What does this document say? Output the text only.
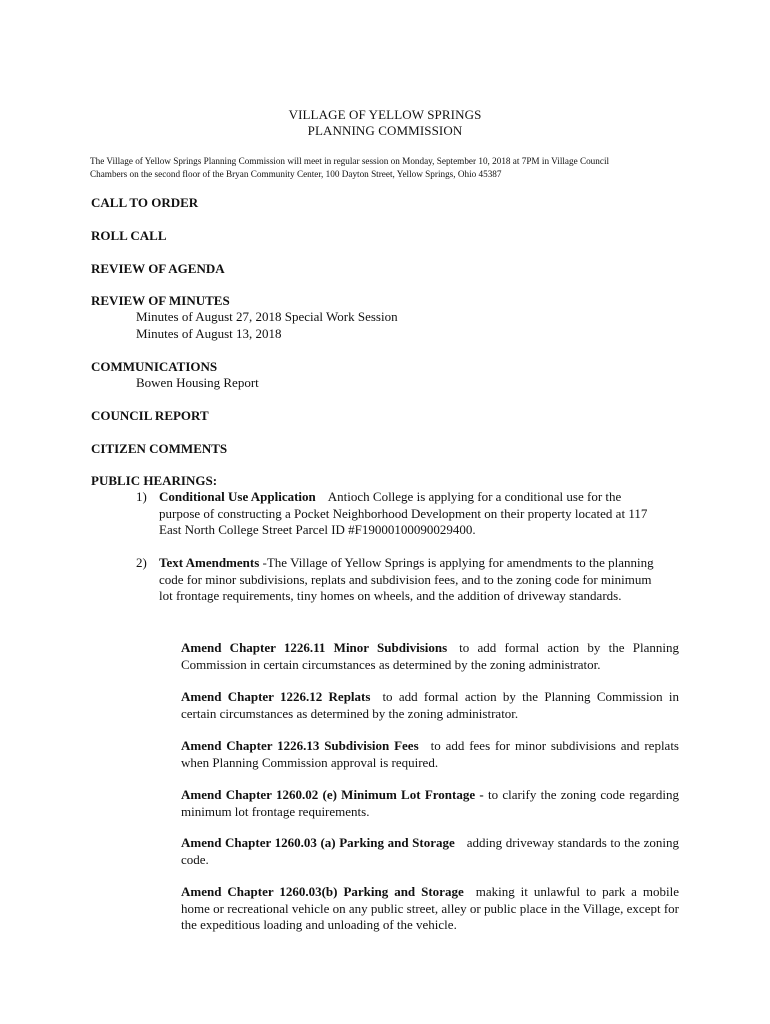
VILLAGE OF YELLOW SPRINGS
PLANNING COMMISSION
The Village of Yellow Springs Planning Commission will meet in regular session on Monday, September 10, 2018 at 7PM in Village Council
Chambers on the second floor of the Bryan Community Center, 100 Dayton Street, Yellow Springs, Ohio 45387
CALL TO ORDER
ROLL CALL
REVIEW OF AGENDA
REVIEW OF MINUTES
Minutes of August 27, 2018 Special Work Session
Minutes of August 13, 2018
COMMUNICATIONS
Bowen Housing Report
COUNCIL REPORT
CITIZEN COMMENTS
PUBLIC HEARINGS:
1) Conditional Use Application Antioch College is applying for a conditional use for the
purpose of constructing a Pocket Neighborhood Development on their property located at 117
East North College Street Parcel ID #F19000100090029400.
2) Text Amendments -The Village of Yellow Springs is applying for amendments to the planning
code for minor subdivisions, replats and subdivision fees, and to the zoning code for minimum
lot frontage requirements, tiny homes on wheels, and the addition of driveway standards.
Amend Chapter 1226.11 Minor Subdivisions to add formal action by the Planning Commission in certain circumstances as determined by the zoning administrator.
Amend Chapter 1226.12 Replats to add formal action by the Planning Commission in certain circumstances as determined by the zoning administrator.
Amend Chapter 1226.13 Subdivision Fees to add fees for minor subdivisions and replats when Planning Commission approval is required.
Amend Chapter 1260.02 (e) Minimum Lot Frontage - to clarify the zoning code regarding minimum lot frontage requirements.
Amend Chapter 1260.03 (a) Parking and Storage adding driveway standards to the zoning code.
Amend Chapter 1260.03(b) Parking and Storage making it unlawful to park a mobile home or recreational vehicle on any public street, alley or public place in the Village, except for the expeditious loading and unloading of the vehicle.
